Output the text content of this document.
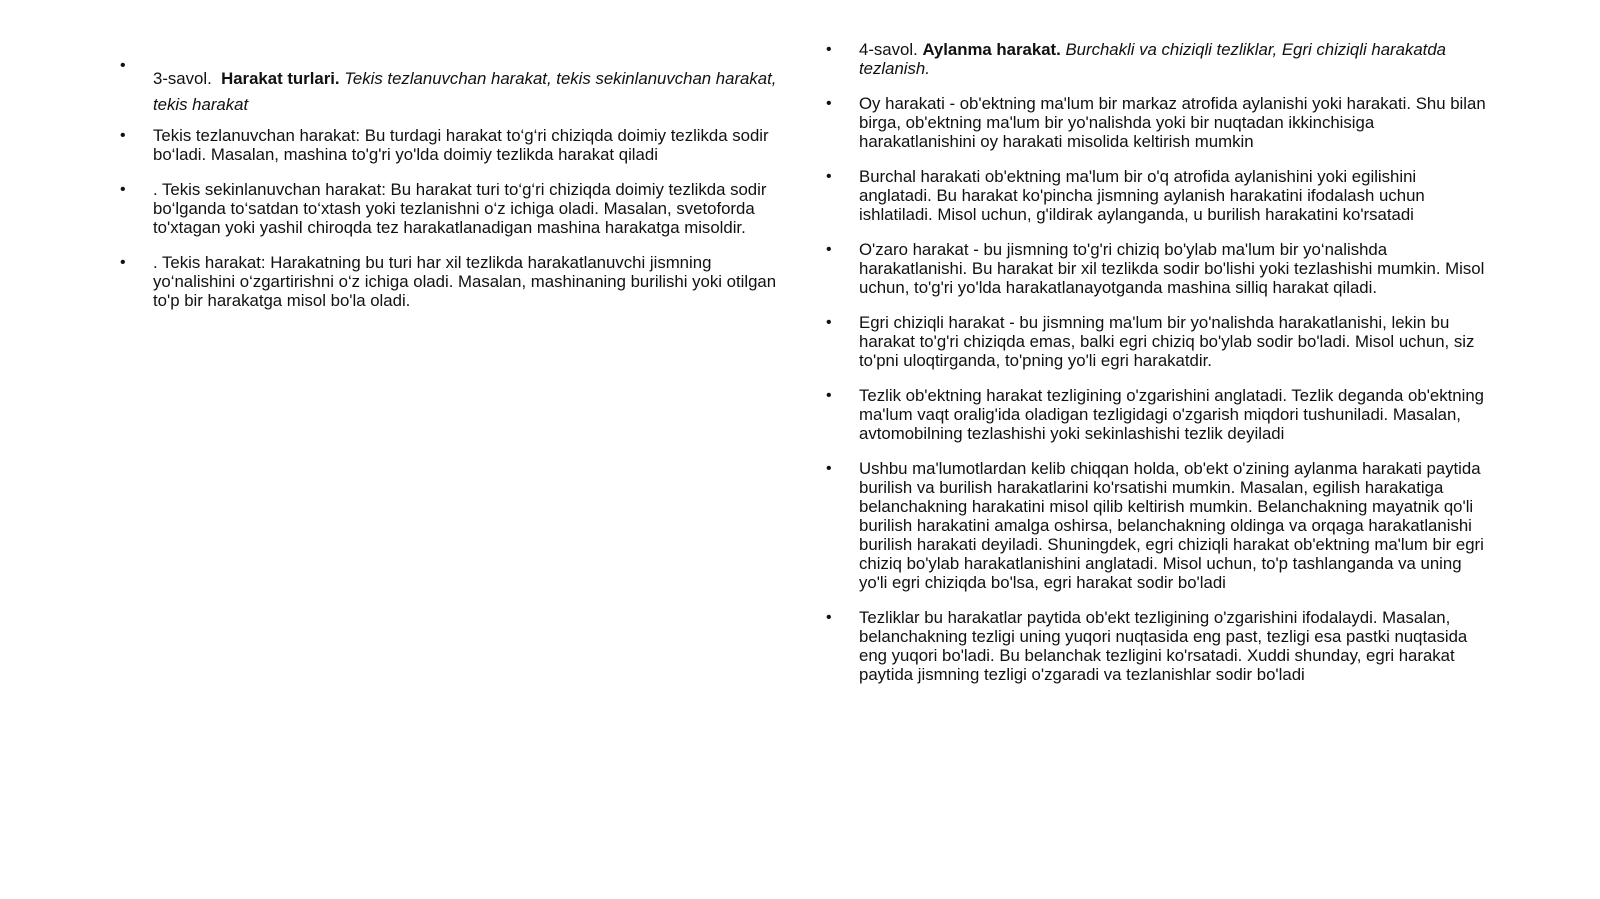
•
3-savol. Harakat turlari. Tekis tezlanuvchan harakat, tekis sekinlanuvchan harakat, tekis harakat
• Tekis tezlanuvchan harakat: Bu turdagi harakat to‘g‘ri chiziqda doimiy tezlikda sodir bo‘ladi. Masalan, mashina to'g'ri yo'lda doimiy tezlikda harakat qiladi
• . Tekis sekinlanuvchan harakat: Bu harakat turi to‘g‘ri chiziqda doimiy tezlikda sodir bo‘lganda to‘satdan to‘xtash yoki tezlanishni o‘z ichiga oladi. Masalan, svetoforda to'xtagan yoki yashil chiroqda tez harakatlanadigan mashina harakatga misoldir.
• . Tekis harakat: Harakatning bu turi har xil tezlikda harakatlanuvchi jismning yo‘nalishini o‘zgartirishni o‘z ichiga oladi. Masalan, mashinaning burilishi yoki otilgan to'p bir harakatga misol bo'la oladi.
• 4-savol. Aylanma harakat. Burchakli va chiziqli tezliklar, Egri chiziqli harakatda tezlanish.
• Oy harakati - ob'ektning ma'lum bir markaz atrofida aylanishi yoki harakati. Shu bilan birga, ob'ektning ma'lum bir yo'nalishda yoki bir nuqtadan ikkinchisiga harakatlanishini oy harakati misolida keltirish mumkin
• Burchal harakati ob'ektning ma'lum bir o'q atrofida aylanishini yoki egilishini anglatadi. Bu harakat ko'pincha jismning aylanish harakatini ifodalash uchun ishlatiladi. Misol uchun, g'ildirak aylanganda, u burilish harakatini ko'rsatadi
• O'zaro harakat - bu jismning to'g'ri chiziq bo'ylab ma'lum bir yo‘nalishda harakatlanishi. Bu harakat bir xil tezlikda sodir bo'lishi yoki tezlashishi mumkin. Misol uchun, to'g'ri yo'lda harakatlanayotganda mashina silliq harakat qiladi.
• Egri chiziqli harakat - bu jismning ma'lum bir yo'nalishda harakatlanishi, lekin bu harakat to'g'ri chiziqda emas, balki egri chiziq bo'ylab sodir bo'ladi. Misol uchun, siz to'pni uloqtirganda, to'pning yo'li egri harakatdir.
• Tezlik ob'ektning harakat tezligining o'zgarishini anglatadi. Tezlik deganda ob'ektning ma'lum vaqt oralig'ida oladigan tezligidagi o'zgarish miqdori tushuniladi. Masalan, avtomobilning tezlashishi yoki sekinlashishi tezlik deyiladi
• Ushbu ma'lumotlardan kelib chiqqan holda, ob'ekt o'zining aylanma harakati paytida burilish va burilish harakatlarini ko'rsatishi mumkin. Masalan, egilish harakatiga belanchakning harakatini misol qilib keltirish mumkin. Belanchakning mayatnik qo'li burilish harakatini amalga oshirsa, belanchakning oldinga va orqaga harakatlanishi burilish harakati deyiladi. Shuningdek, egri chiziqli harakat ob'ektning ma'lum bir egri chiziq bo'ylab harakatlanishini anglatadi. Misol uchun, to'p tashlanganda va uning yo'li egri chiziqda bo'lsa, egri harakat sodir bo'ladi
• Tezliklar bu harakatlar paytida ob'ekt tezligining o'zgarishini ifodalaydi. Masalan, belanchakning tezligi uning yuqori nuqtasida eng past, tezligi esa pastki nuqtasida eng yuqori bo'ladi. Bu belanchak tezligini ko'rsatadi. Xuddi shunday, egri harakat paytida jismning tezligi o'zgaradi va tezlanishlar sodir bo'ladi
